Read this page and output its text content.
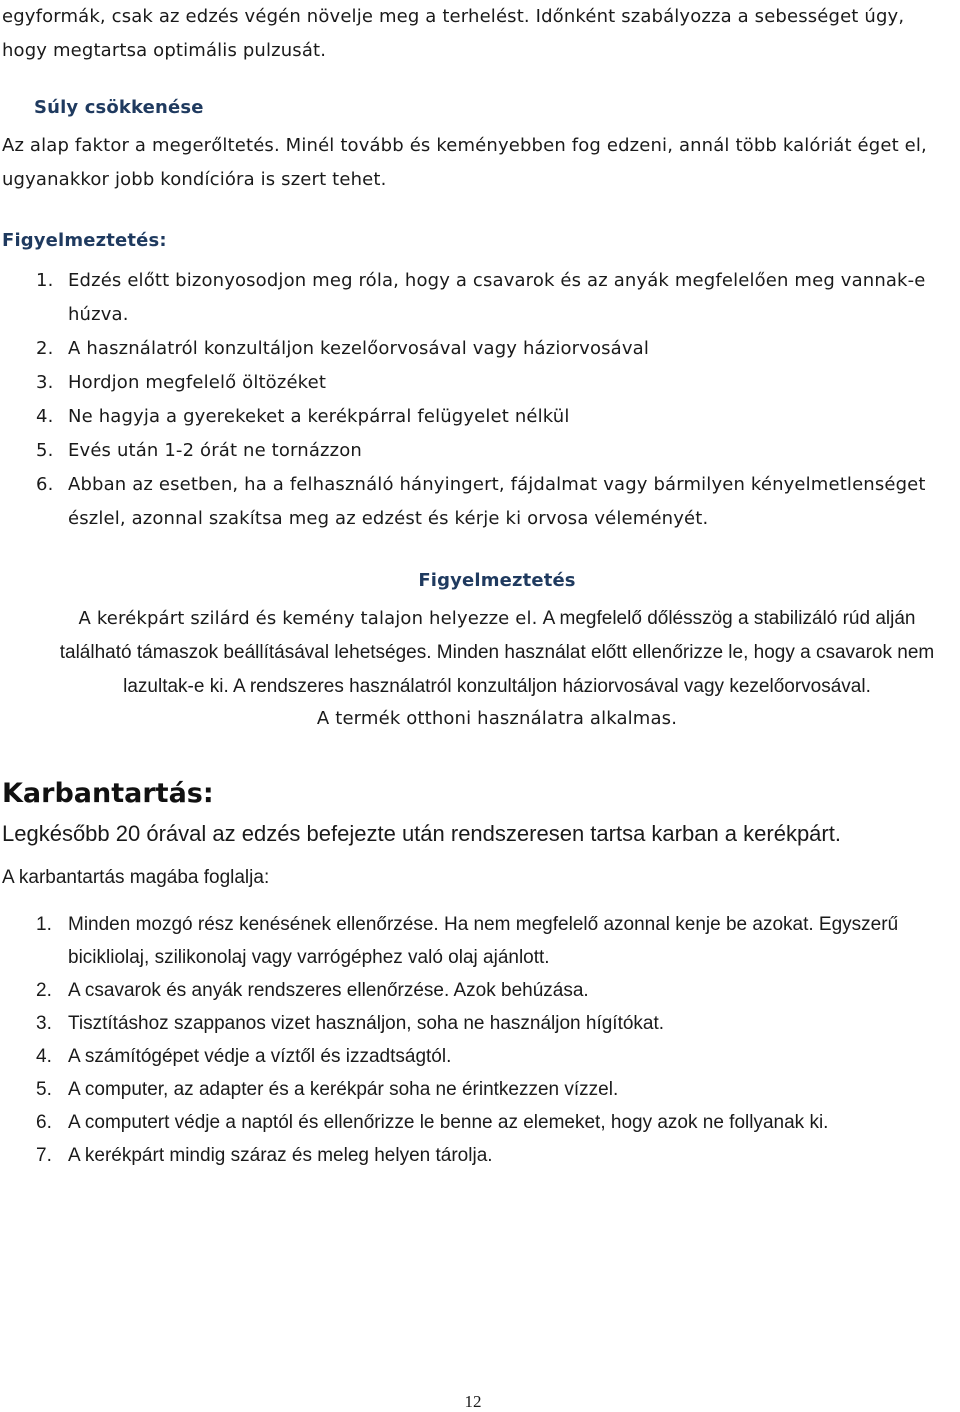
egyformák, csak az edzés végén növelje meg a terhelést. Időnként szabályozza a sebességet úgy, hogy megtartsa optimális pulzusát.

Súly csökkenése

Az alap faktor a megerőltetés. Minél tovább és keményebben fog edzeni, annál több kalóriát éget el, ugyanakkor jobb kondícióra is szert tehet.

Figyelmeztetés:

1. Edzés előtt bizonyosodjon meg róla, hogy a csavarok és az anyák megfelelően meg vannak-e húzva.
2. A használatról konzultáljon kezelőorvosával vagy háziorvosával
3. Hordjon megfelelő öltözéket
4. Ne hagyja a gyerekeket a kerékpárral felügyelet nélkül
5. Evés után 1-2 órát ne tornázzon
6. Abban az esetben, ha a felhasználó hányingert, fájdalmat vagy bármilyen kényelmetlenséget észlel, azonnal szakítsa meg az edzést és kérje ki orvosa véleményét.

Figyelmeztetés

A kerékpárt szilárd és kemény talajon helyezze el. A megfelelő dőlésszög a stabilizáló rúd alján található támaszok beállításával lehetséges. Minden használat előtt ellenőrizze le, hogy a csavarok nem lazultak-e ki. A rendszeres használatról konzultáljon háziorvosával vagy kezelőorvosával.

A termék otthoni használatra alkalmas.

Karbantartás:

Legkésőbb 20 órával az edzés befejezte után rendszeresen tartsa karban a kerékpárt.

A karbantartás magába foglalja:

1. Minden mozgó rész kenésének ellenőrzése. Ha nem megfelelő azonnal kenje be azokat. Egyszerű bicikliolaj, szilikonolaj vagy varrógéphez való olaj ajánlott.
2. A csavarok és anyák rendszeres ellenőrzése. Azok behúzása.
3. Tisztításhoz szappanos vizet használjon, soha ne használjon hígítókat.
4. A számítógépet védje a víztől és izzadtságtól.
5. A computer, az adapter és a kerékpár soha ne érintkezzen vízzel.
6. A computert védje a naptól és ellenőrizze le benne az elemeket, hogy azok ne follyanak ki.
7. A kerékpárt mindig száraz és meleg helyen tárolja.

12
